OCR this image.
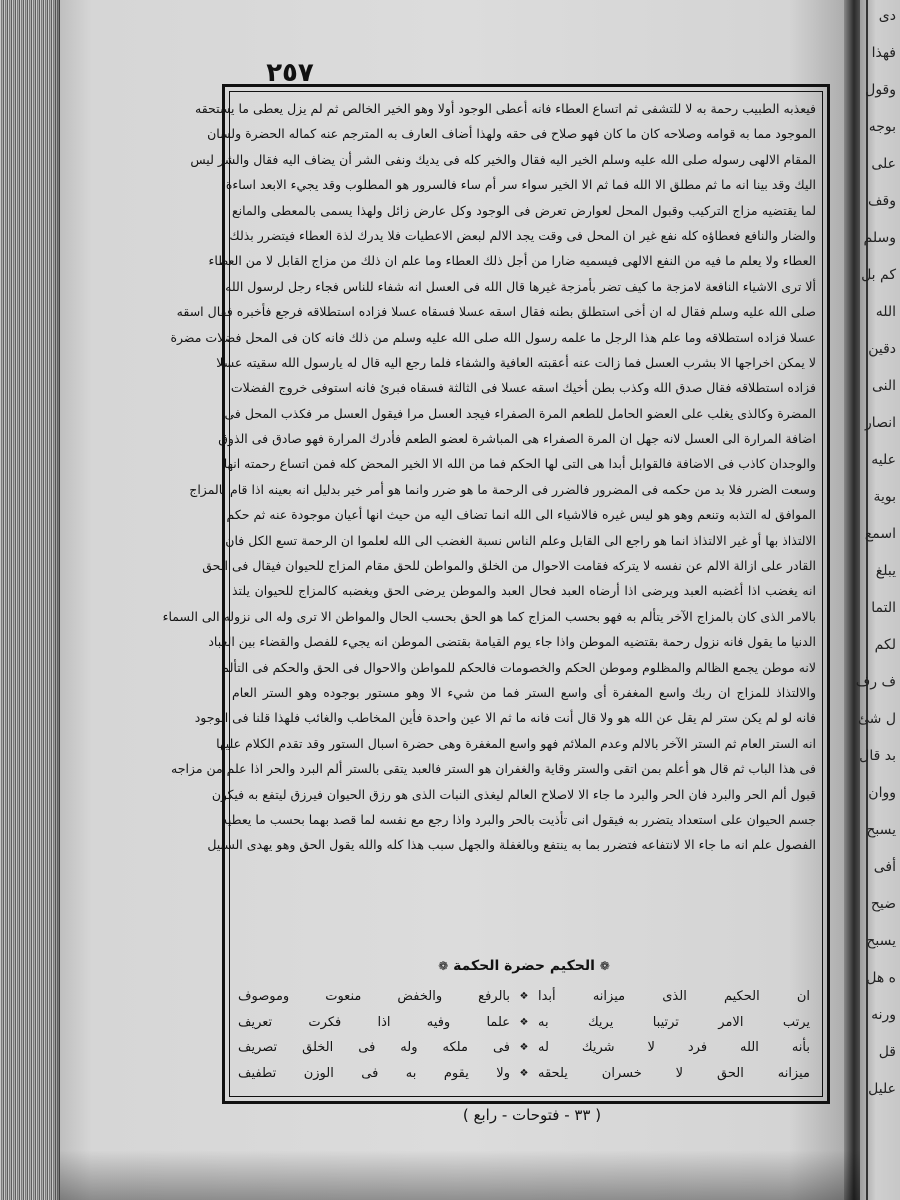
دى
فهذا
وقول
بوجه
على
وقف
وسلم
كم بل
الله
دقين
النى
انصار
عليه
بوية
اسمع
يبلغ
التما
لكم
ف رف
ل شئ
بد قال
ووان
يسبح
أفى
ضيح
يسبح
ه هل
ورنه
قل
عليل
٢٥٧
فيعذبه الطبيب رحمة به لا للتشفى ثم اتساع العطاء فانه أعطى الوجود أولا وهو الخير الخالص ثم لم يزل يعطى ما يستحقه
الموجود مما به قوامه وصلاحه كان ما كان فهو صلاح فى حقه ولهذا أضاف العارف به المترجم عنه كماله الحضرة ولسان
المقام الالهى رسوله صلى الله عليه وسلم الخير اليه فقال والخير كله فى يديك ونفى الشر أن يضاف اليه فقال والشر ليس
اليك وقد بينا انه ما ثم مطلق الا الله فما ثم الا الخير سواء سر أم ساء فالسرور هو المطلوب وقد يجيء الابعد اساءة
لما يقتضيه مزاج التركيب وقبول المحل لعوارض تعرض فى الوجود وكل عارض زائل ولهذا يسمى بالمعطى والمانع
والضار والنافع فعطاؤه كله نفع غير ان المحل فى وقت يجد الالم لبعض الاعطيات فلا يدرك لذة العطاء فيتضرر بذلك
العطاء ولا يعلم ما فيه من النفع الالهى فيسميه ضارا من أجل ذلك العطاء وما علم ان ذلك من مزاج القابل لا من العطاء
ألا ترى الاشياء النافعة لامزجة ما كيف تضر بأمزجة غيرها قال الله فى العسل انه شفاء للناس فجاء رجل لرسول الله
صلى الله عليه وسلم فقال له ان أخى استطلق بطنه فقال اسقه عسلا فسقاه عسلا فزاده استطلاقه فرجع فأخبره فقال اسقه
عسلا فزاده استطلاقه وما علم هذا الرجل ما علمه رسول الله صلى الله عليه وسلم من ذلك فانه كان فى المحل فضلات مضرة
لا يمكن اخراجها الا بشرب العسل فما زالت عنه أعقبته العافية والشفاء فلما رجع اليه قال له يارسول الله سقيته عسلا
فزاده استطلاقه فقال صدق الله وكذب بطن أخيك اسقه عسلا فى الثالثة فسقاه فبرئ فانه استوفى خروج الفضلات
المضرة وكالذى يغلب على العضو الحامل للطعم المرة الصفراء فيجد العسل مرا فيقول العسل مر فكذب المحل فى
اضافة المرارة الى العسل لانه جهل ان المرة الصفراء هى المباشرة لعضو الطعم فأدرك المرارة فهو صادق فى الذوق
والوجدان كاذب فى الاضافة فالقوابل أبدا هى التى لها الحكم فما من الله الا الخير المحض كله فمن اتساع رحمته انها
وسعت الضرر فلا بد من حكمه فى المضرور فالضرر فى الرحمة ما هو ضرر وانما هو أمر خير بدليل انه بعينه اذا قام بالمزاج
الموافق له التذبه وتنعم وهو هو ليس غيره فالاشياء الى الله انما تضاف اليه من حيث انها أعيان موجودة عنه ثم حكم
الالتذاذ بها أو غير الالتذاذ انما هو راجع الى القابل وعلم الناس نسبة الغضب الى الله لعلموا ان الرحمة تسع الكل فان
القادر على ازالة الالم عن نفسه لا يتركه فقامت الاحوال من الخلق والمواطن للحق مقام المزاج للحيوان فيقال فى الحق
انه يغضب اذا أغضبه العبد ويرضى اذا أرضاه العبد فحال العبد والموطن يرضى الحق ويغضبه كالمزاج للحيوان يلتذ
بالامر الذى كان بالمزاج الآخر يتألم به فهو بحسب المزاج كما هو الحق بحسب الحال والمواطن الا ترى وله الى نزوله الى السماء
الدنيا ما يقول فانه نزول رحمة بقتضيه الموطن واذا جاء يوم القيامة بقتضى الموطن انه يجيء للفصل والقضاء بين العباد
لانه موطن يجمع الظالم والمظلوم وموطن الحكم والخصومات فالحكم للمواطن والاحوال فى الحق والحكم فى التألم
والالتذاذ للمزاج ان ربك واسع المغفرة أى واسع الستر فما من شيء الا وهو مستور بوجوده وهو الستر العام
فانه لو لم يكن ستر لم يقل عن الله هو ولا قال أنت فانه ما ثم الا عين واحدة فأين المخاطب والغائب فلهذا قلنا فى الوجود
انه الستر العام ثم الستر الآخر بالالم وعدم الملائم فهو واسع المغفرة وهى حضرة اسبال الستور وقد تقدم الكلام عليها
فى هذا الباب ثم قال هو أعلم بمن اتقى والستر وقاية والغفران هو الستر فالعبد يتقى بالستر ألم البرد والحر اذا علم من مزاجه
قبول ألم الحر والبرد فان الحر والبرد ما جاء الا لاصلاح العالم ليغذى النبات الذى هو رزق الحيوان فيرزق ليتفع به فيكون
جسم الحيوان على استعداد يتضرر به فيقول انى تأذيت بالحر والبرد واذا رجع مع نفسه لما قصد بهما بحسب ما يعطيه
الفصول علم انه ما جاء الا لانتفاعه فتضرر بما به ينتفع وبالغفلة والجهل سبب هذا كله والله يقول الحق وهو يهدى السبيل
❁ الحكيم حضرة الحكمة ❁
ان الحكيم الذى ميزانه أبدا
❖
بالرفع والخفض منعوت وموصوف
يرتب الامر ترتيبا يريك به
❖
علما وفيه اذا فكرت تعريف
بأنه الله فرد لا شريك له
❖
فى ملكه وله فى الخلق تصريف
ميزانه الحق لا خسران يلحقه
❖
ولا يقوم به فى الوزن تطفيف
( ٣٣ - فتوحات - رابع )
